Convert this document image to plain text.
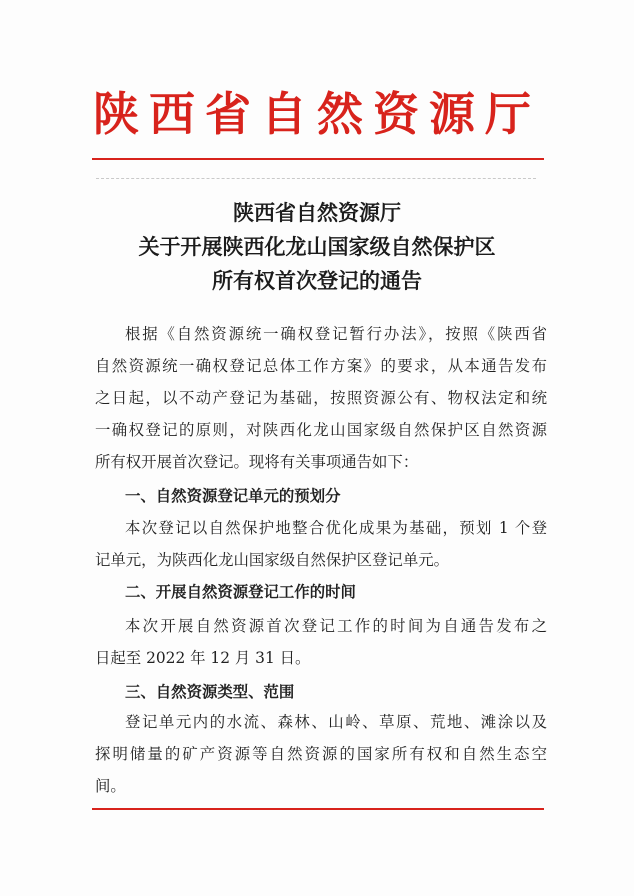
陕西省自然资源厅
陕西省自然资源厅
关于开展陕西化龙山国家级自然保护区
所有权首次登记的通告
根据《自然资源统一确权登记暂行办法》，按照《陕西省
自然资源统一确权登记总体工作方案》的要求，从本通告发布
之日起，以不动产登记为基础，按照资源公有、物权法定和统
一确权登记的原则，对陕西化龙山国家级自然保护区自然资源
所有权开展首次登记。现将有关事项通告如下：
一、自然资源登记单元的预划分
本次登记以自然保护地整合优化成果为基础，预划 1 个登
记单元，为陕西化龙山国家级自然保护区登记单元。
二、开展自然资源登记工作的时间
本次开展自然资源首次登记工作的时间为自通告发布之
日起至 2022 年 12 月 31 日。
三、自然资源类型、范围
登记单元内的水流、森林、山岭、草原、荒地、滩涂以及
探明储量的矿产资源等自然资源的国家所有权和自然生态空
间。
